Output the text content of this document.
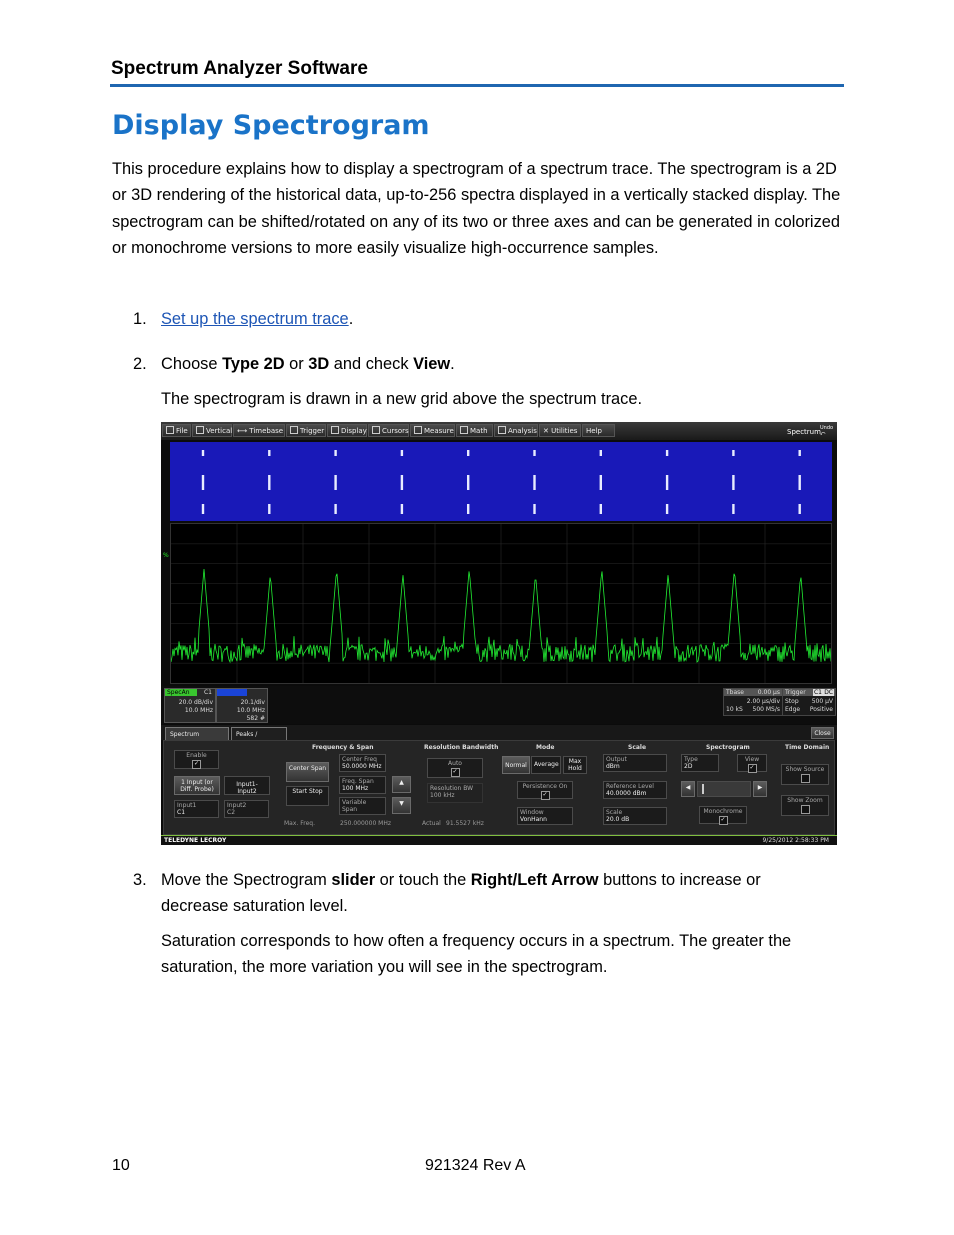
Spectrum Analyzer Software
Display Spectrogram
This procedure explains how to display a spectrogram of a spectrum trace. The spectrogram is a 2D or 3D rendering of the historical data, up-to-256 spectra displayed in a vertically stacked display. The spectrogram can be shifted/rotated on any of its two or three axes and can be generated in colorized or monochrome versions to more easily visualize high-occurrence samples.
1. Set up the spectrum trace.
2. Choose Type 2D or 3D and check View.
The spectrogram is drawn in a new grid above the spectrum trace.
File	Vertical ⟷ Timebase	Trigger	Display	Cursors	Measure	Math	Analysis ✕ Utilities	Help	Spectrum Undo
⤺
%
SpecAn	C1
20.0 dB/div
10.0 MHz
20.1/div
10.0 MHz
582 #
Tbase 0.00 µs
2.00 µs/div
10 kS 500 MS/s
Trigger C1 DC
Stop 500 µV
Edge Positive
Spectrum	Peaks /	Close
Frequency & Span	Resolution Bandwidth	Mode	Scale	Spectrogram	Time Domain
Enable
✓
1 Input (or Diff. Probe)
Input1-Input2
Input1
C1
Input2
C2
Center Span
Start Stop
Center Freq
50.0000 MHz
Freq. Span
100 MHz
Variable Span
▲
▼
Max. Freq.	250.000000 MHz
Auto
✓
Resolution BW
100 kHz
Actual 91.5527 kHz
Normal	Average	Max Hold
Persistence On
✓
Window
VonHann
Output
dBm
Reference Level
40.0000 dBm
Scale
20.0 dB
Type
2D
View
✓
◀	▶
Monochrome
✓
Show Source
Show Zoom
TELEDYNE LECROY	9/25/2012 2:58:33 PM
3. Move the Spectrogram slider or touch the Right/Left Arrow buttons to increase or decrease saturation level.
Saturation corresponds to how often a frequency occurs in a spectrum. The greater the saturation, the more variation you will see in the spectrogram.
10	921324 Rev A
